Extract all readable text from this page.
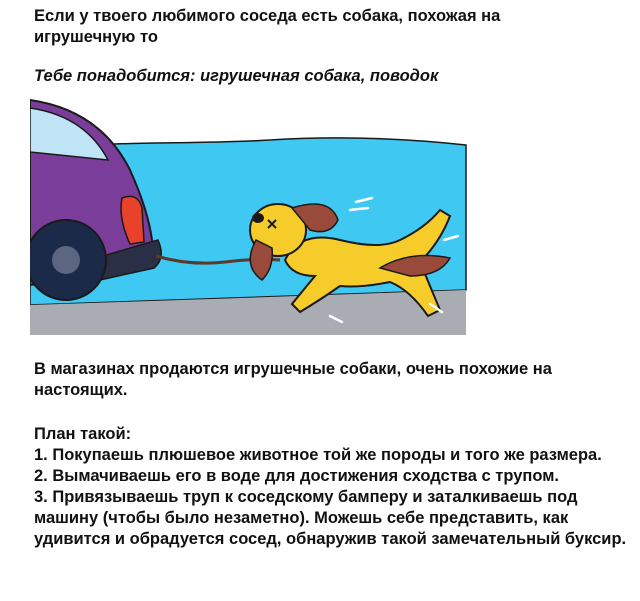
Если у твоего любимого соседа есть собака, похожая на игрушечную то

Тебе понадобится: игрушечная собака, поводок

В магазинах продаются игрушечные собаки, очень похожие на настоящих.

План такой:
1. Покупаешь плюшевое животное той же породы и того же размера.
2. Вымачиваешь его в воде для достижения сходства с трупом.
3. Привязываешь труп к соседскому бамперу и заталкиваешь под машину (чтобы было незаметно). Можешь себе представить, как удивится и обрадуется сосед, обнаружив такой замечательный буксир.
